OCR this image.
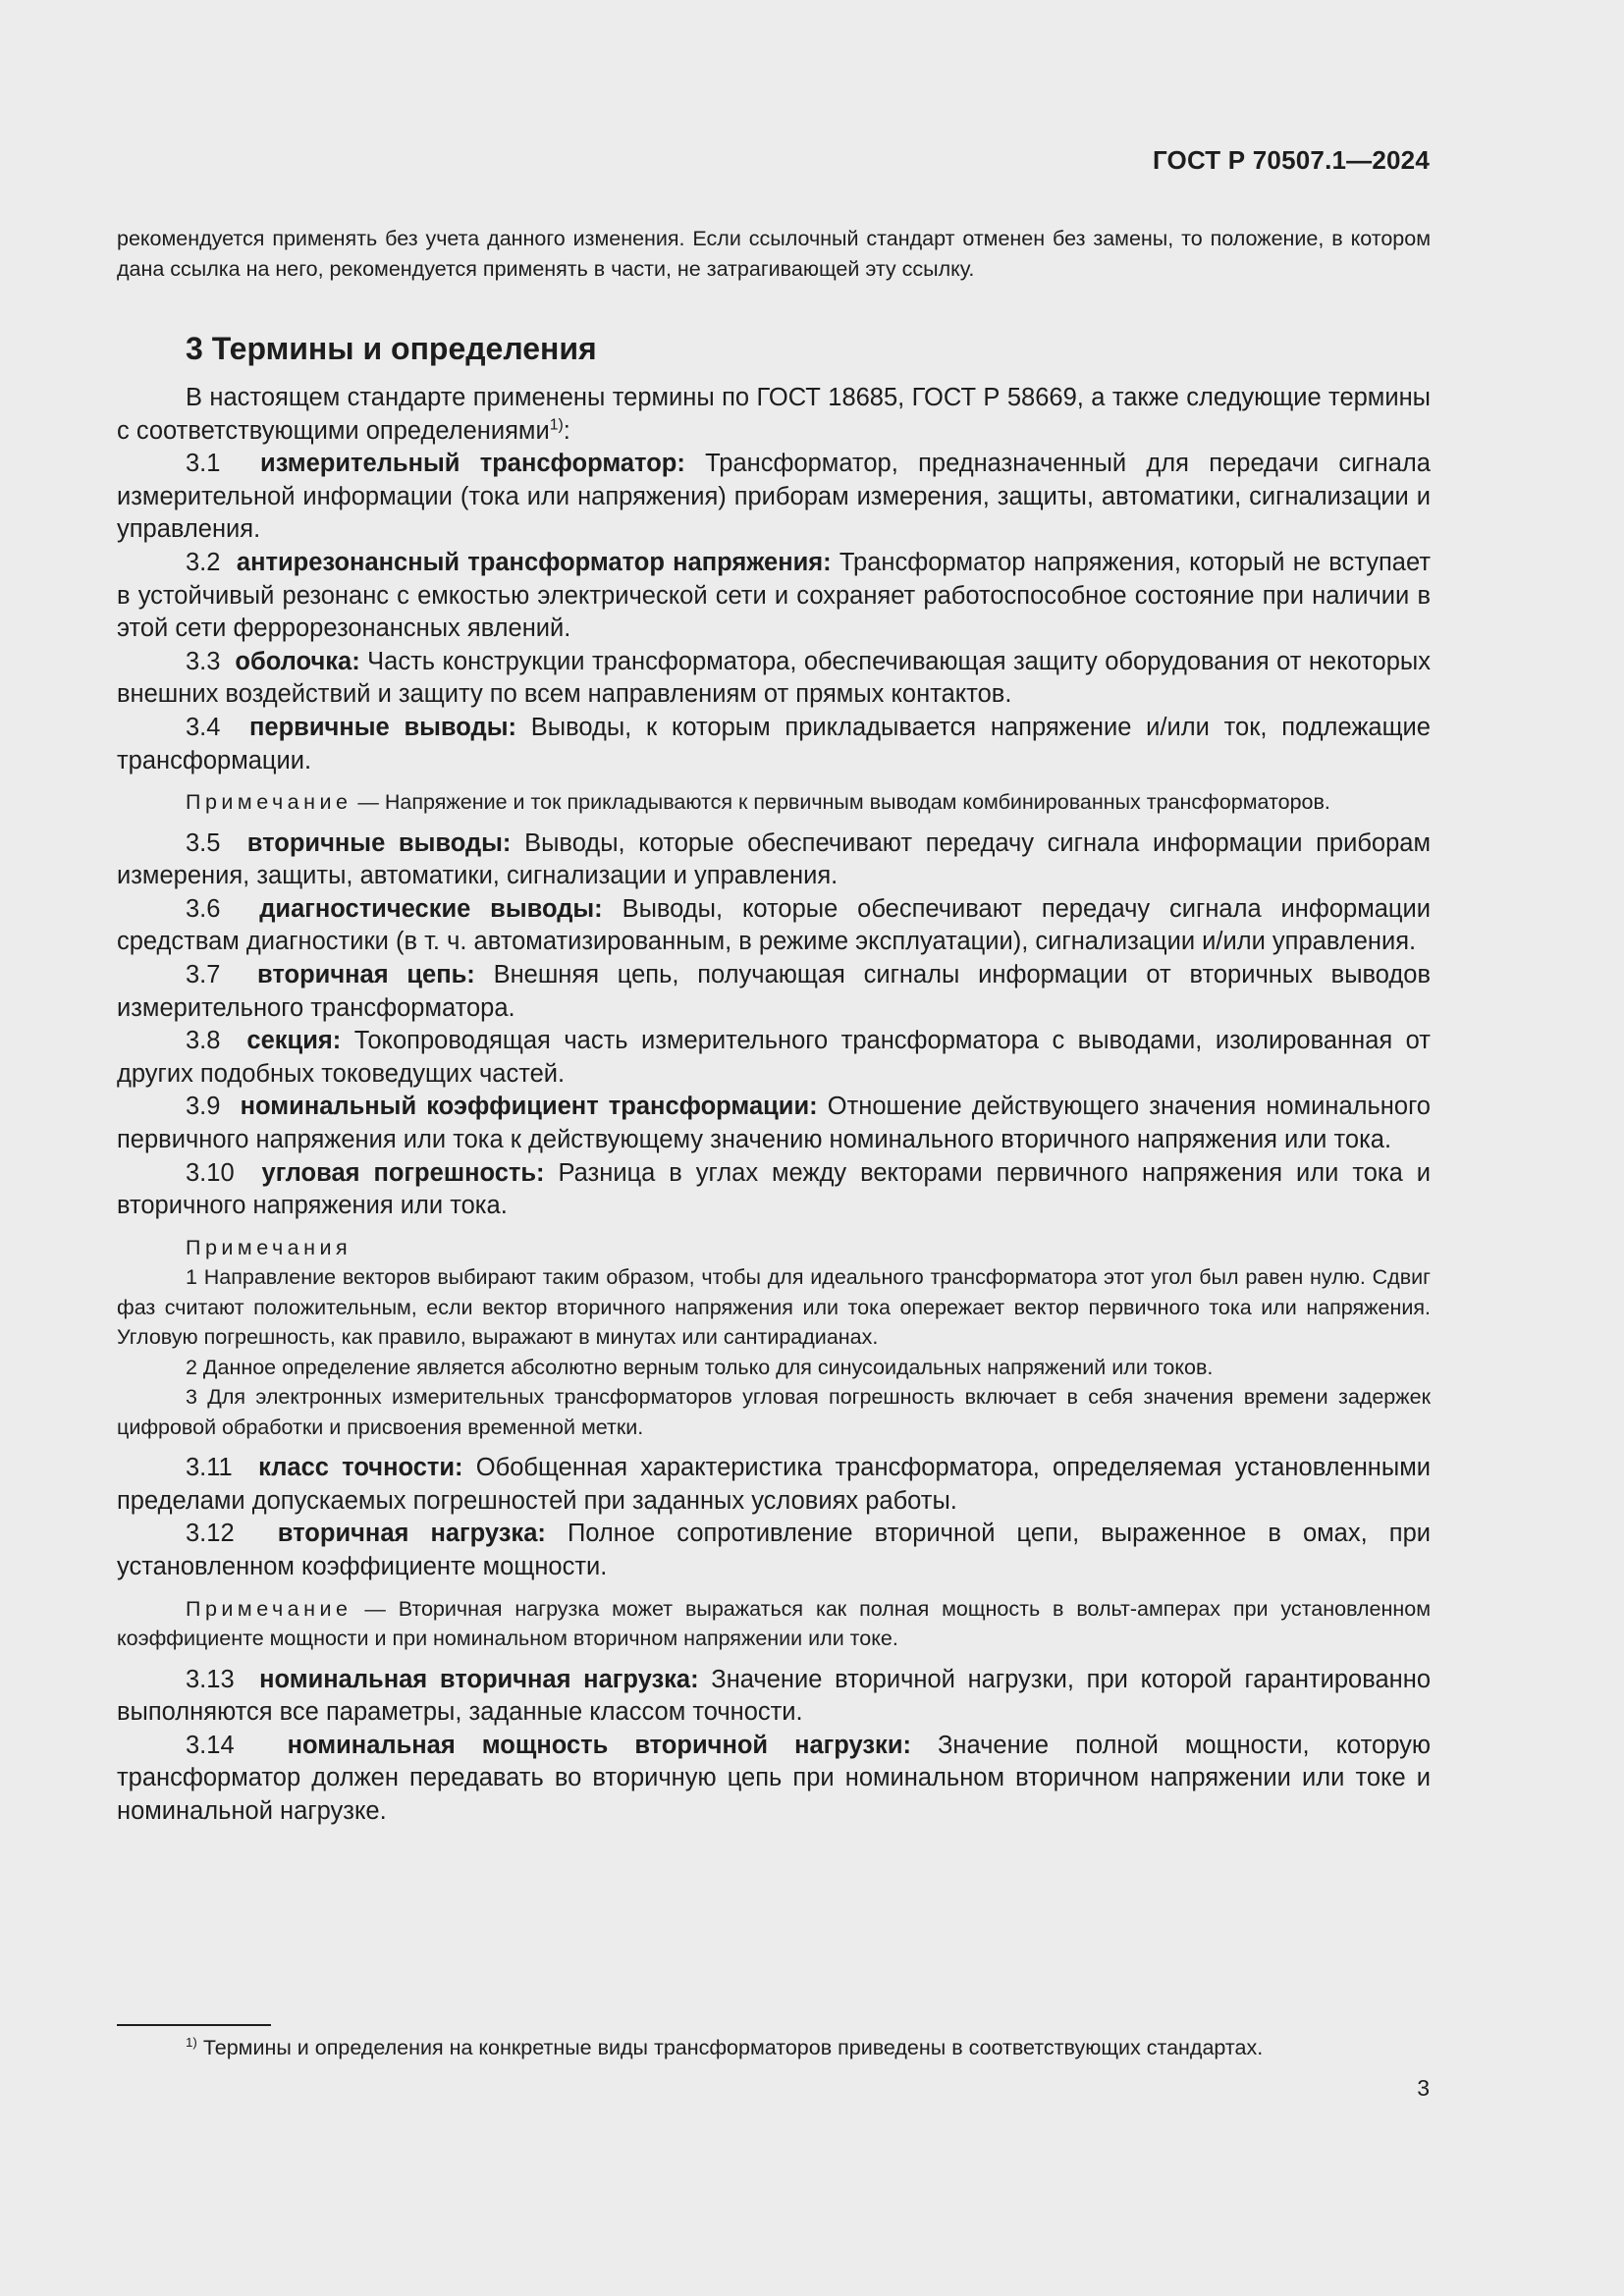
ГОСТ Р 70507.1—2024

рекомендуется применять без учета данного изменения. Если ссылочный стандарт отменен без замены, то положение, в котором дана ссылка на него, рекомендуется применять в части, не затрагивающей эту ссылку.

3 Термины и определения

В настоящем стандарте применены термины по ГОСТ 18685, ГОСТ Р 58669, а также следующие термины с соответствующими определениями$^{1)}$:

3.1 измерительный трансформатор: Трансформатор, предназначенный для передачи сигнала измерительной информации (тока или напряжения) приборам измерения, защиты, автоматики, сигнализации и управления.

3.2 антирезонансный трансформатор напряжения: Трансформатор напряжения, который не вступает в устойчивый резонанс с емкостью электрической сети и сохраняет работоспособное состояние при наличии в этой сети феррорезонансных явлений.

3.3 оболочка: Часть конструкции трансформатора, обеспечивающая защиту оборудования от некоторых внешних воздействий и защиту по всем направлениям от прямых контактов.

3.4 первичные выводы: Выводы, к которым прикладывается напряжение и/или ток, подлежащие трансформации.

Примечание — Напряжение и ток прикладываются к первичным выводам комбинированных трансформаторов.

3.5 вторичные выводы: Выводы, которые обеспечивают передачу сигнала информации приборам измерения, защиты, автоматики, сигнализации и управления.

3.6 диагностические выводы: Выводы, которые обеспечивают передачу сигнала информации средствам диагностики (в т. ч. автоматизированным, в режиме эксплуатации), сигнализации и/или управления.

3.7 вторичная цепь: Внешняя цепь, получающая сигналы информации от вторичных выводов измерительного трансформатора.

3.8 секция: Токопроводящая часть измерительного трансформатора с выводами, изолированная от других подобных токоведущих частей.

3.9 номинальный коэффициент трансформации: Отношение действующего значения номинального первичного напряжения или тока к действующему значению номинального вторичного напряжения или тока.

3.10 угловая погрешность: Разница в углах между векторами первичного напряжения или тока и вторичного напряжения или тока.

Примечания

1 Направление векторов выбирают таким образом, чтобы для идеального трансформатора этот угол был равен нулю. Сдвиг фаз считают положительным, если вектор вторичного напряжения или тока опережает вектор первичного тока или напряжения. Угловую погрешность, как правило, выражают в минутах или сантирадианах.

2 Данное определение является абсолютно верным только для синусоидальных напряжений или токов.

3 Для электронных измерительных трансформаторов угловая погрешность включает в себя значения времени задержек цифровой обработки и присвоения временной метки.

3.11 класс точности: Обобщенная характеристика трансформатора, определяемая установленными пределами допускаемых погрешностей при заданных условиях работы.

3.12 вторичная нагрузка: Полное сопротивление вторичной цепи, выраженное в омах, при установленном коэффициенте мощности.

Примечание — Вторичная нагрузка может выражаться как полная мощность в вольт-амперах при установленном коэффициенте мощности и при номинальном вторичном напряжении или токе.

3.13 номинальная вторичная нагрузка: Значение вторичной нагрузки, при которой гарантированно выполняются все параметры, заданные классом точности.

3.14 номинальная мощность вторичной нагрузки: Значение полной мощности, которую трансформатор должен передавать во вторичную цепь при номинальном вторичном напряжении или токе и номинальной нагрузке.

$^{1)}$ Термины и определения на конкретные виды трансформаторов приведены в соответствующих стандартах.

3
